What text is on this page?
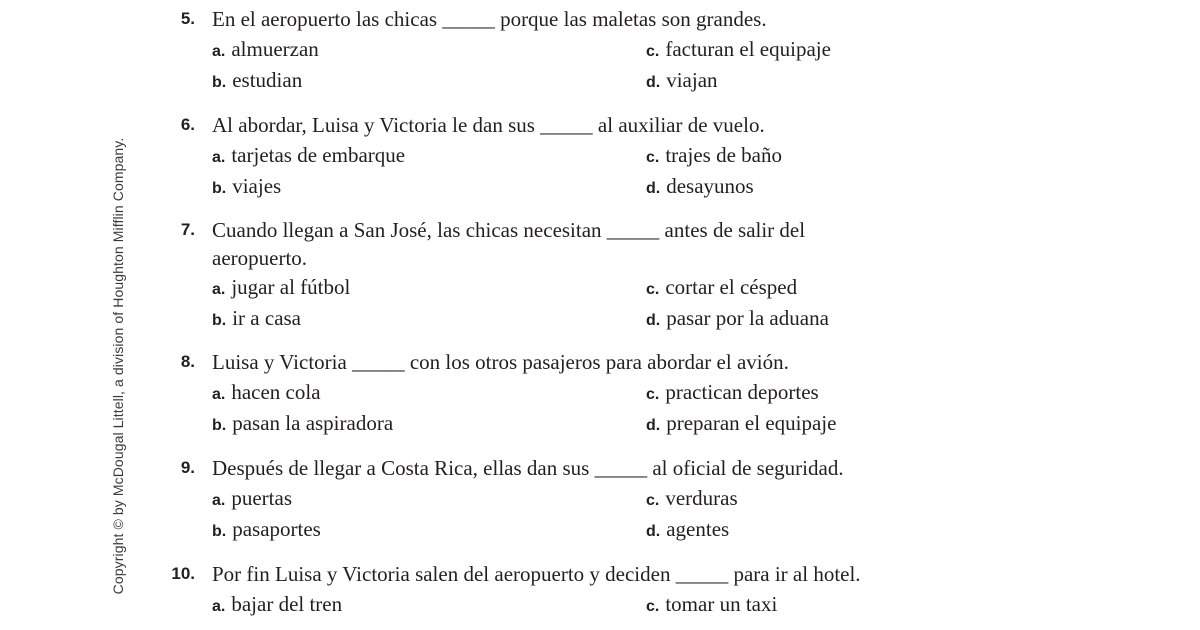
Copyright © by McDougal Littell, a division of Houghton Mifflin Company.
5. En el aeropuerto las chicas _____ porque las maletas son grandes.
a. almuerzan
b. estudian
c. facturan el equipaje
d. viajan
6. Al abordar, Luisa y Victoria le dan sus _____ al auxiliar de vuelo.
a. tarjetas de embarque
b. viajes
c. trajes de baño
d. desayunos
7. Cuando llegan a San José, las chicas necesitan _____ antes de salir del
aeropuerto.
a. jugar al fútbol
b. ir a casa
c. cortar el césped
d. pasar por la aduana
8. Luisa y Victoria _____ con los otros pasajeros para abordar el avión.
a. hacen cola
b. pasan la aspiradora
c. practican deportes
d. preparan el equipaje
9. Después de llegar a Costa Rica, ellas dan sus _____ al oficial de seguridad.
a. puertas
b. pasaportes
c. verduras
d. agentes
10. Por fin Luisa y Victoria salen del aeropuerto y deciden _____ para ir al hotel.
a. bajar del tren	c. tomar un taxi
